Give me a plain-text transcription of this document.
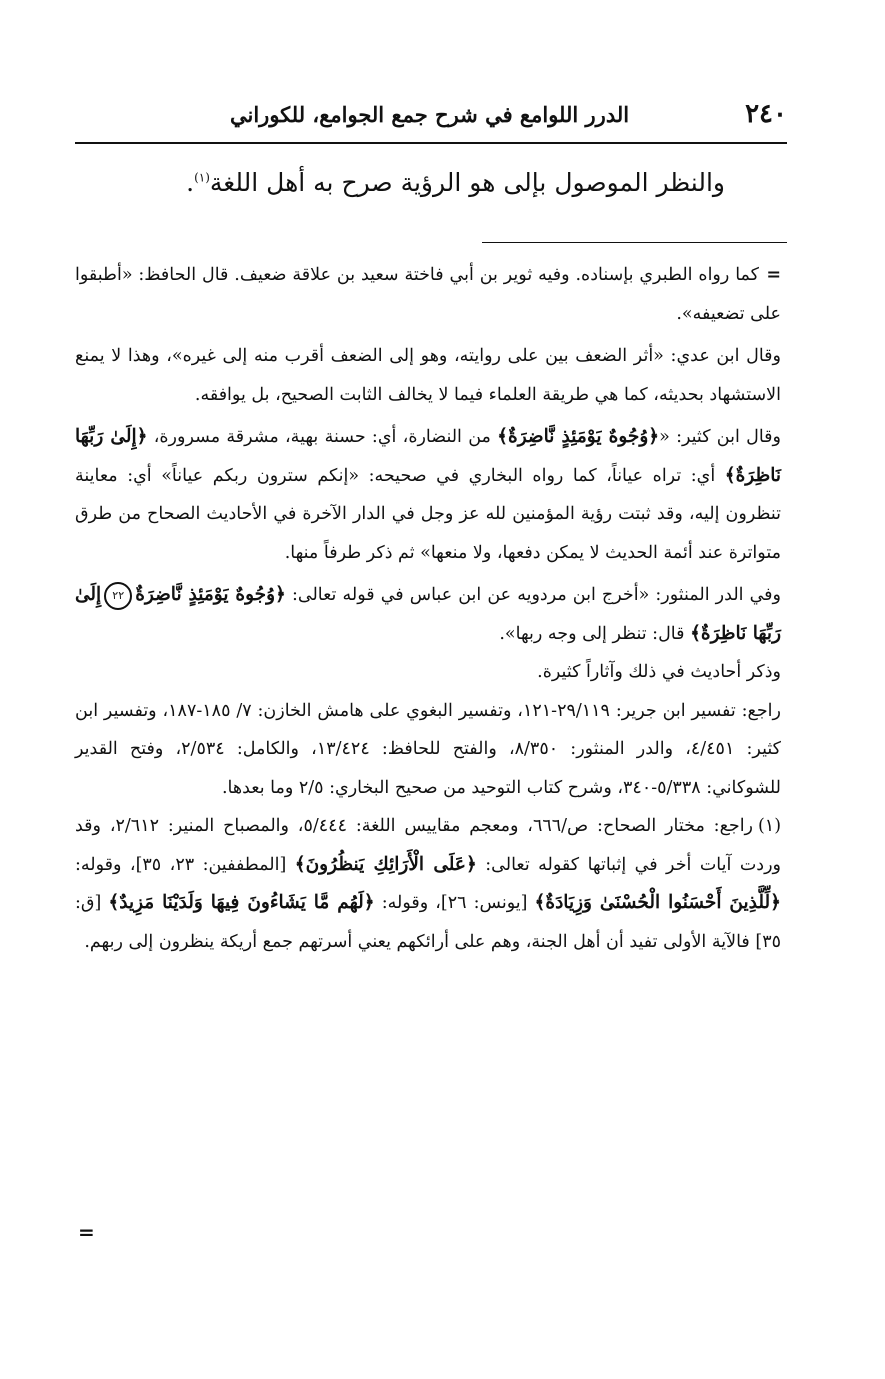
٢٤٠
الدرر اللوامع في شرح جمع الجوامع، للكوراني
والنظر الموصول بإلى هو الرؤية صرح به أهل اللغة$^{(١)}$.

=كما رواه الطبري بإسناده. وفيه ثوير بن أبي فاختة سعيد بن علاقة ضعيف. قال الحافظ: «أطبقوا على تضعيفه».

وقال ابن عدي: «أثر الضعف بين على روايته، وهو إلى الضعف أقرب منه إلى غيره»، وهذا لا يمنع الاستشهاد بحديثه، كما هي طريقة العلماء فيما لا يخالف الثابت الصحيح، بل يوافقه.

وقال ابن كثير: «﴿وُجُوهٌ يَوْمَئِذٍ نَّاضِرَةٌ﴾ من النضارة، أي: حسنة بهية، مشرقة مسرورة، ﴿إِلَىٰ رَبِّهَا نَاظِرَةٌ﴾ أي: تراه عياناً، كما رواه البخاري في صحيحه: «إنكم سترون ربكم عياناً» أي: معاينة تنظرون إليه، وقد ثبتت رؤية المؤمنين لله عز وجل في الدار الآخرة في الأحاديث الصحاح من طرق متواترة عند أئمة الحديث لا يمكن دفعها، ولا منعها» ثم ذكر طرفاً منها.

وفي الدر المنثور: «أخرج ابن مردويه عن ابن عباس في قوله تعالى: ﴿وُجُوهٌ يَوْمَئِذٍ نَّاضِرَةٌ٢٢إِلَىٰ رَبِّهَا نَاظِرَةٌ﴾ قال: تنظر إلى وجه ربها».

وذكر أحاديث في ذلك وآثاراً كثيرة.

راجع: تفسير ابن جرير: ٢٩/١١٩-١٢١، وتفسير البغوي على هامش الخازن: ٧/ ١٨٥-١٨٧، وتفسير ابن كثير: ٤/٤٥١، والدر المنثور: ٨/٣٥٠، والفتح للحافظ: ١٣/٤٢٤، والكامل: ٢/٥٣٤، وفتح القدير للشوكاني: ٥/٣٣٨-٣٤٠، وشرح كتاب التوحيد من صحيح البخاري: ٢/٥ وما بعدها.

(١)راجع: مختار الصحاح: ص/٦٦٦، ومعجم مقاييس اللغة: ٥/٤٤٤، والمصباح المنير: ٢/٦١٢، وقد وردت آيات أخر في إثباتها كقوله تعالى: ﴿عَلَى الْأَرَائِكِ يَنظُرُونَ﴾ [المطففين: ٢٣، ٣٥]، وقوله: ﴿لِّلَّذِينَ أَحْسَنُوا الْحُسْنَىٰ وَزِيَادَةٌ﴾ [يونس: ٢٦]، وقوله: ﴿لَهُم مَّا يَشَاءُونَ فِيهَا وَلَدَيْنَا مَزِيدٌ﴾ [ق: ٣٥] فالآية الأولى تفيد أن أهل الجنة، وهم على أرائكهم يعني أسرتهم جمع أريكة ينظرون إلى ربهم.

=
